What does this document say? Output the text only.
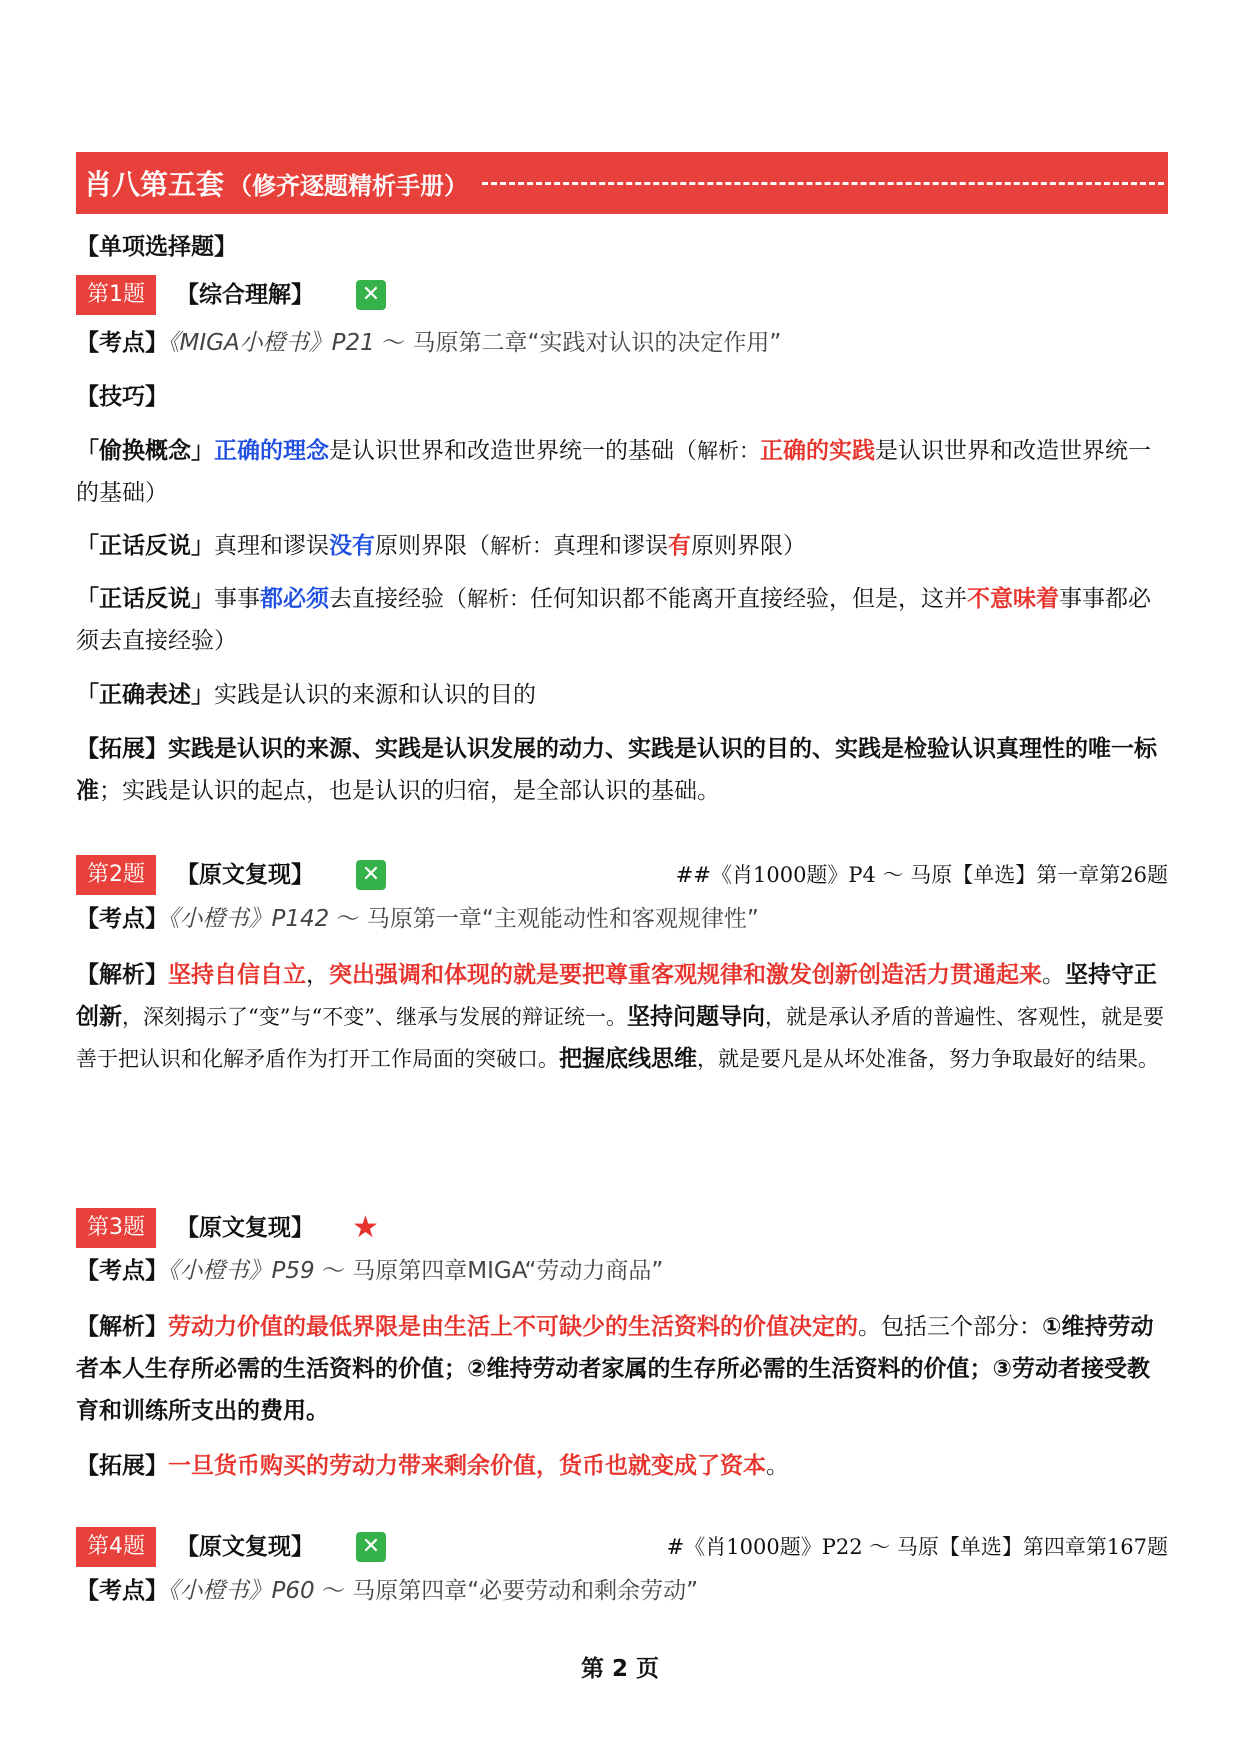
肖八第五套 （修齐逐题精析手册）
【单项选择题】
第1题	【综合理解】 ✕
【考点】《MIGA小橙书》P21 ～ 马原第二章“实践对认识的决定作用”
【技巧】
「偷换概念」正确的理念是认识世界和改造世界统一的基础（解析：正确的实践是认识世界和改造世界统一的基础）
「正话反说」真理和谬误没有原则界限（解析：真理和谬误有原则界限）
「正话反说」事事都必须去直接经验（解析：任何知识都不能离开直接经验，但是，这并不意味着事事都必须去直接经验）
「正确表述」实践是认识的来源和认识的目的
【拓展】实践是认识的来源、实践是认识发展的动力、实践是认识的目的、实践是检验认识真理性的唯一标准；实践是认识的起点，也是认识的归宿，是全部认识的基础。
第2题	【原文复现】 ✕	##《肖1000题》P4 ～ 马原【单选】第一章第26题
【考点】《小橙书》P142 ～ 马原第一章“主观能动性和客观规律性”
【解析】坚持自信自立，突出强调和体现的就是要把尊重客观规律和激发创新创造活力贯通起来。坚持守正创新，深刻揭示了“变”与“不变”、继承与发展的辩证统一。坚持问题导向，就是承认矛盾的普遍性、客观性，就是要善于把认识和化解矛盾作为打开工作局面的突破口。把握底线思维，就是要凡是从坏处准备，努力争取最好的结果。
第3题	【原文复现】 ★
【考点】《小橙书》P59 ～ 马原第四章MIGA“劳动力商品”
【解析】劳动力价值的最低界限是由生活上不可缺少的生活资料的价值决定的。包括三个部分：①维持劳动者本人生存所必需的生活资料的价值；②维持劳动者家属的生存所必需的生活资料的价值；③劳动者接受教育和训练所支出的费用。
【拓展】一旦货币购买的劳动力带来剩余价值，货币也就变成了资本。
第4题	【原文复现】 ✕	#《肖1000题》P22 ～ 马原【单选】第四章第167题
【考点】《小橙书》P60 ～ 马原第四章“必要劳动和剩余劳动”
第 2 页
